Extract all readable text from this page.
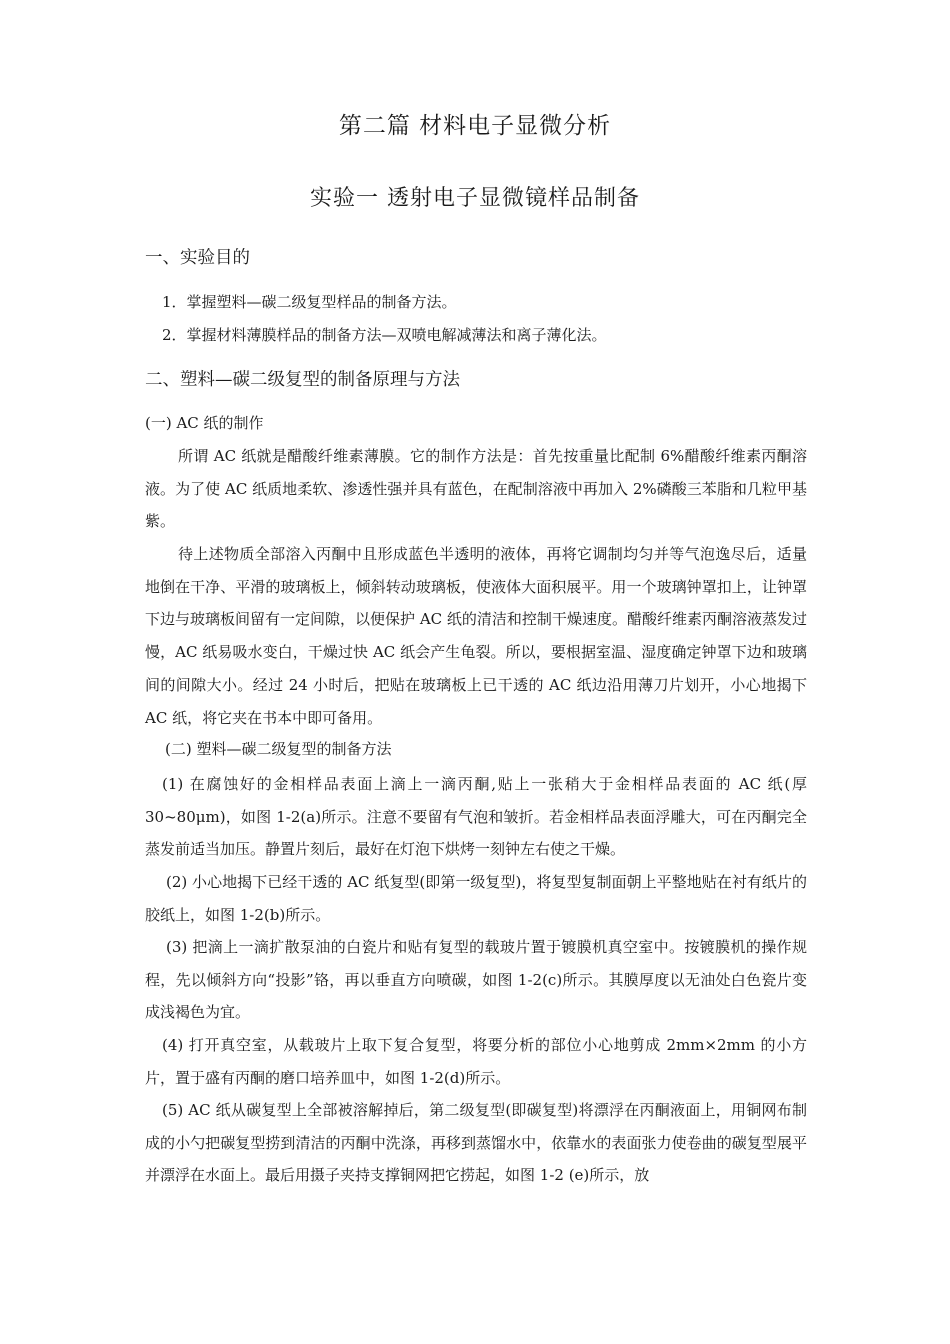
第二篇 材料电子显微分析
实验一 透射电子显微镜样品制备
一、实验目的
1．掌握塑料—碳二级复型样品的制备方法。
2．掌握材料薄膜样品的制备方法—双喷电解减薄法和离子薄化法。
二、塑料—碳二级复型的制备原理与方法
(一) AC 纸的制作
所谓 AC 纸就是醋酸纤维素薄膜。它的制作方法是：首先按重量比配制 6%醋酸纤维素丙酮溶液。为了使 AC 纸质地柔软、渗透性强并具有蓝色，在配制溶液中再加入 2%磷酸三苯脂和几粒甲基紫。
待上述物质全部溶入丙酮中且形成蓝色半透明的液体，再将它调制均匀并等气泡逸尽后，适量地倒在干净、平滑的玻璃板上，倾斜转动玻璃板，使液体大面积展平。用一个玻璃钟罩扣上，让钟罩下边与玻璃板间留有一定间隙，以便保护 AC 纸的清洁和控制干燥速度。醋酸纤维素丙酮溶液蒸发过慢，AC 纸易吸水变白，干燥过快 AC 纸会产生龟裂。所以，要根据室温、湿度确定钟罩下边和玻璃间的间隙大小。经过 24 小时后，把贴在玻璃板上已干透的 AC 纸边沿用薄刀片划开，小心地揭下 AC 纸，将它夹在书本中即可备用。
(二) 塑料—碳二级复型的制备方法
(1) 在腐蚀好的金相样品表面上滴上一滴丙酮,贴上一张稍大于金相样品表面的 AC 纸(厚 30~80μm)，如图 1-2(a)所示。注意不要留有气泡和皱折。若金相样品表面浮雕大，可在丙酮完全蒸发前适当加压。静置片刻后，最好在灯泡下烘烤一刻钟左右使之干燥。
(2) 小心地揭下已经干透的 AC 纸复型(即第一级复型)，将复型复制面朝上平整地贴在衬有纸片的胶纸上，如图 1-2(b)所示。
(3) 把滴上一滴扩散泵油的白瓷片和贴有复型的载玻片置于镀膜机真空室中。按镀膜机的操作规程，先以倾斜方向“投影”铬，再以垂直方向喷碳，如图 1-2(c)所示。其膜厚度以无油处白色瓷片变成浅褐色为宜。
(4) 打开真空室，从载玻片上取下复合复型，将要分析的部位小心地剪成 2mm×2mm 的小方片，置于盛有丙酮的磨口培养皿中，如图 1-2(d)所示。
(5) AC 纸从碳复型上全部被溶解掉后，第二级复型(即碳复型)将漂浮在丙酮液面上，用铜网布制成的小勺把碳复型捞到清洁的丙酮中洗涤，再移到蒸馏水中，依靠水的表面张力使卷曲的碳复型展平并漂浮在水面上。最后用摄子夹持支撑铜网把它捞起，如图 1-2 (e)所示，放
